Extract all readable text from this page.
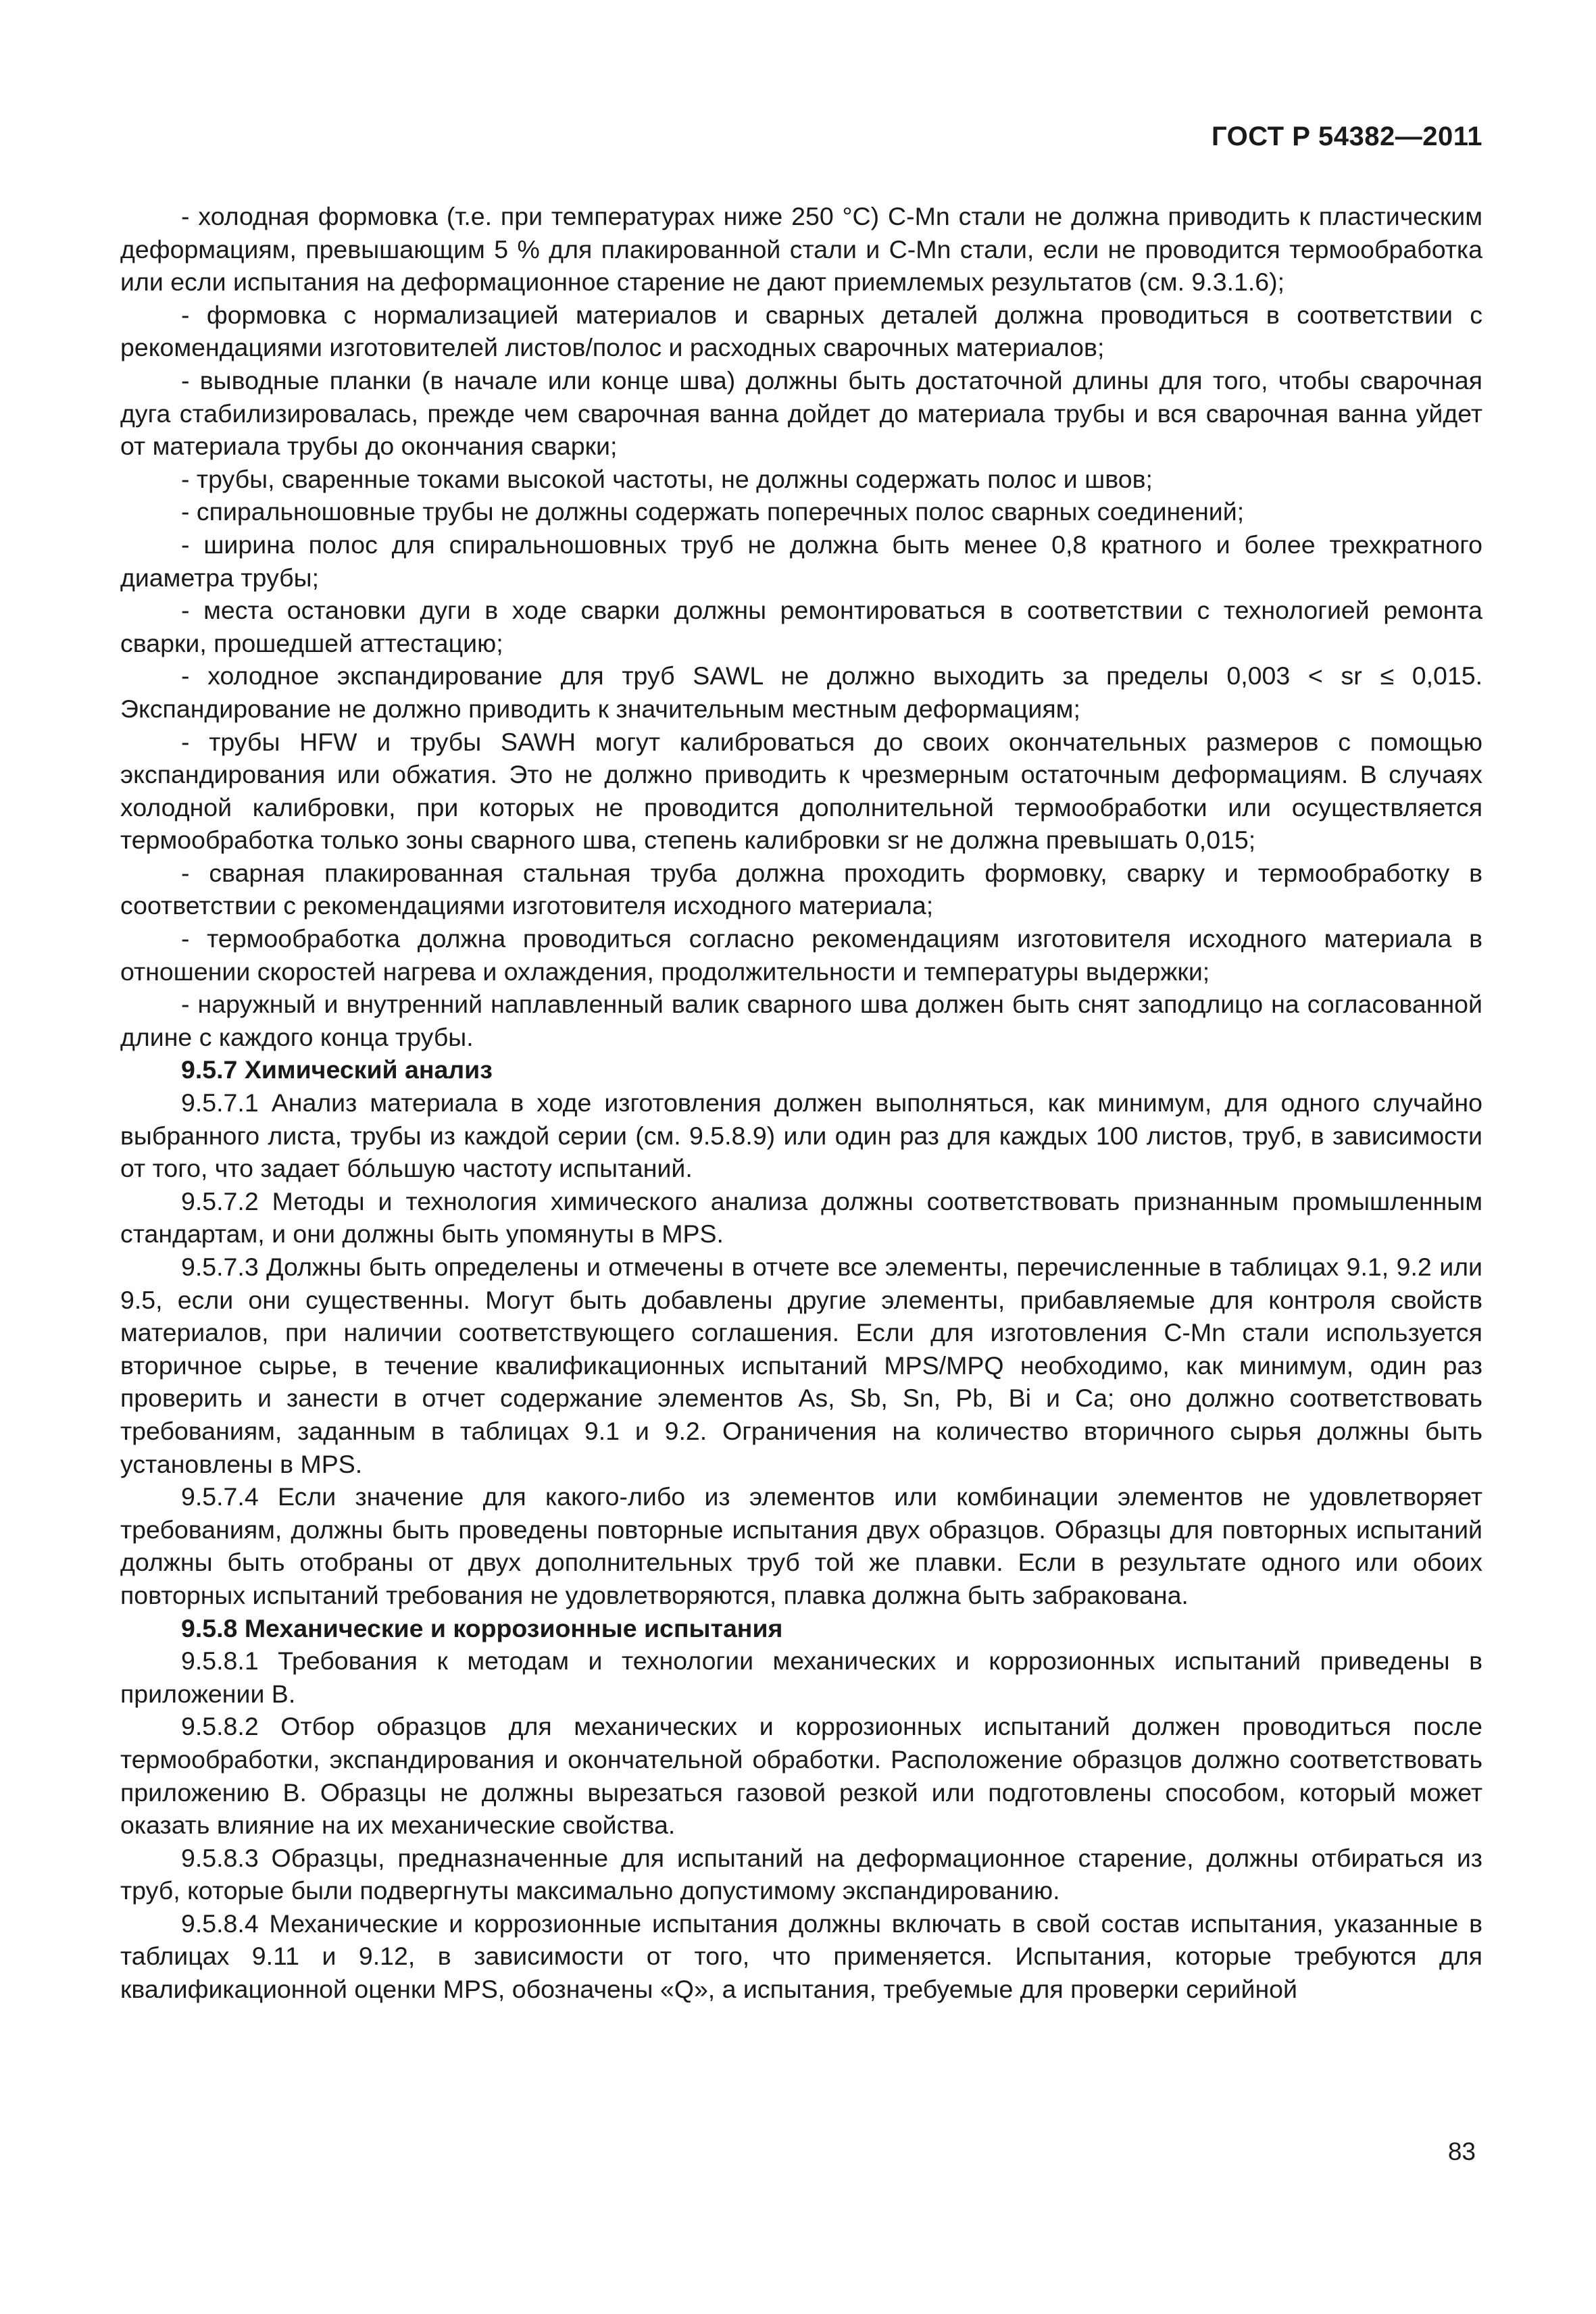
ГОСТ Р 54382—2011

- холодная формовка (т.е. при температурах ниже 250 °С) C-Mn стали не должна приводить к пластическим деформациям, превышающим 5 % для плакированной стали и C-Mn стали, если не проводится термообработка или если испытания на деформационное старение не дают приемлемых результатов (см. 9.3.1.6);

- формовка с нормализацией материалов и сварных деталей должна проводиться в соответствии с рекомендациями изготовителей листов/полос и расходных сварочных материалов;

- выводные планки (в начале или конце шва) должны быть достаточной длины для того, чтобы сварочная дуга стабилизировалась, прежде чем сварочная ванна дойдет до материала трубы и вся сварочная ванна уйдет от материала трубы до окончания сварки;

- трубы, сваренные токами высокой частоты, не должны содержать полос и швов;

- спиральношовные трубы не должны содержать поперечных полос сварных соединений;

- ширина полос для спиральношовных труб не должна быть менее 0,8 кратного и более трехкратного диаметра трубы;

- места остановки дуги в ходе сварки должны ремонтироваться в соответствии с технологией ремонта сварки, прошедшей аттестацию;

- холодное экспандирование для труб SAWL не должно выходить за пределы 0,003 < sr ≤ 0,015. Экспандирование не должно приводить к значительным местным деформациям;

- трубы HFW и трубы SAWH могут калиброваться до своих окончательных размеров с помощью экспандирования или обжатия. Это не должно приводить к чрезмерным остаточным деформациям. В случаях холодной калибровки, при которых не проводится дополнительной термообработки или осуществляется термообработка только зоны сварного шва, степень калибровки sr не должна превышать 0,015;

- сварная плакированная стальная труба должна проходить формовку, сварку и термообработку в соответствии с рекомендациями изготовителя исходного материала;

- термообработка должна проводиться согласно рекомендациям изготовителя исходного материала в отношении скоростей нагрева и охлаждения, продолжительности и температуры выдержки;

- наружный и внутренний наплавленный валик сварного шва должен быть снят заподлицо на согласованной длине с каждого конца трубы.

9.5.7 Химический анализ

9.5.7.1 Анализ материала в ходе изготовления должен выполняться, как минимум, для одного случайно выбранного листа, трубы из каждой серии (см. 9.5.8.9) или один раз для каждых 100 листов, труб, в зависимости от того, что задает бóльшую частоту испытаний.

9.5.7.2 Методы и технология химического анализа должны соответствовать признанным промышленным стандартам, и они должны быть упомянуты в MPS.

9.5.7.3 Должны быть определены и отмечены в отчете все элементы, перечисленные в таблицах 9.1, 9.2 или 9.5, если они существенны. Могут быть добавлены другие элементы, прибавляемые для контроля свойств материалов, при наличии соответствующего соглашения. Если для изготовления C-Mn стали используется вторичное сырье, в течение квалификационных испытаний MPS/MPQ необходимо, как минимум, один раз проверить и занести в отчет содержание элементов As, Sb, Sn, Pb, Bi и Ca; оно должно соответствовать требованиям, заданным в таблицах 9.1 и 9.2. Ограничения на количество вторичного сырья должны быть установлены в MPS.

9.5.7.4 Если значение для какого-либо из элементов или комбинации элементов не удовлетворяет требованиям, должны быть проведены повторные испытания двух образцов. Образцы для повторных испытаний должны быть отобраны от двух дополнительных труб той же плавки. Если в результате одного или обоих повторных испытаний требования не удовлетворяются, плавка должна быть забракована.

9.5.8 Механические и коррозионные испытания

9.5.8.1 Требования к методам и технологии механических и коррозионных испытаний приведены в приложении В.

9.5.8.2 Отбор образцов для механических и коррозионных испытаний должен проводиться после термообработки, экспандирования и окончательной обработки. Расположение образцов должно соответствовать приложению В. Образцы не должны вырезаться газовой резкой или подготовлены способом, который может оказать влияние на их механические свойства.

9.5.8.3 Образцы, предназначенные для испытаний на деформационное старение, должны отбираться из труб, которые были подвергнуты максимально допустимому экспандированию.

9.5.8.4 Механические и коррозионные испытания должны включать в свой состав испытания, указанные в таблицах 9.11 и 9.12, в зависимости от того, что применяется. Испытания, которые требуются для квалификационной оценки MPS, обозначены «Q», а испытания, требуемые для проверки серийной

83
